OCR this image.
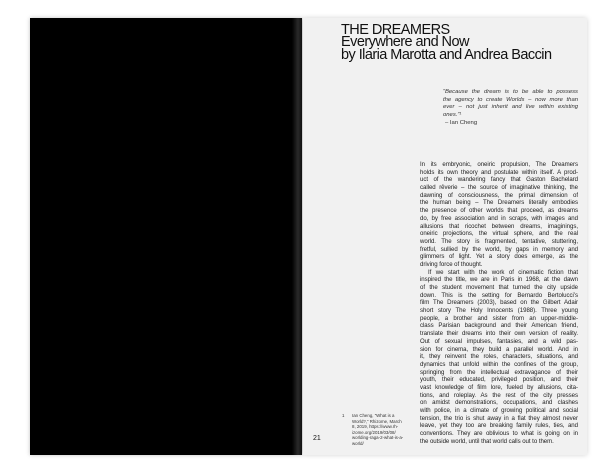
THE DREAMERS
Everywhere and Now
by Ilaria Marotta and Andrea Baccin
“Because the dream is to be able to possess
the agency to create Worlds – now more than
ever – not just inherit and live within existing
ones.”¹
– Ian Cheng
In its embryonic, oneiric propulsion, The Dreamers
holds its own theory and postulate within itself. A prod-
uct of the wandering fancy that Gaston Bachelard
called rêverie – the source of imaginative thinking, the
dawning of consciousness, the primal dimension of
the human being – The Dreamers literally embodies
the presence of other worlds that proceed, as dreams
do, by free association and in scraps, with images and
allusions that ricochet between dreams, imaginings,
oneiric projections, the virtual sphere, and the real
world. The story is fragmented, tentative, stuttering,
fretful, sullied by the world, by gaps in memory and
glimmers of light. Yet a story does emerge, as the
driving force of thought.
If we start with the work of cinematic fiction that
inspired the title, we are in Paris in 1968, at the dawn
of the student movement that turned the city upside
down. This is the setting for Bernardo Bertolucci’s
film The Dreamers (2003), based on the Gilbert Adair
short story The Holy Innocents (1988). Three young
people, a brother and sister from an upper-middle-
class Parisian background and their American friend,
translate their dreams into their own version of reality.
Out of sexual impulses, fantasies, and a wild pas-
sion for cinema, they build a parallel world. And in
it, they reinvent the roles, characters, situations, and
dynamics that unfold within the confines of the group,
springing from the intellectual extravagance of their
youth, their educated, privileged position, and their
vast knowledge of film lore, fueled by allusions, cita-
tions, and roleplay. As the rest of the city presses
on amidst demonstrations, occupations, and clashes
with police, in a climate of growing political and social
tension, the trio is shut away in a flat they almost never
leave, yet they too are breaking family rules, ties, and
conventions. They are oblivious to what is going on in
the outside world, until that world calls out to them.
1 Ian Cheng, “What is a
World?,” Rhizome, March
8, 2019, https://www.rh-
izome.org/2019/03/08/
worlding-raga-2-what-is-a-
world/
21
